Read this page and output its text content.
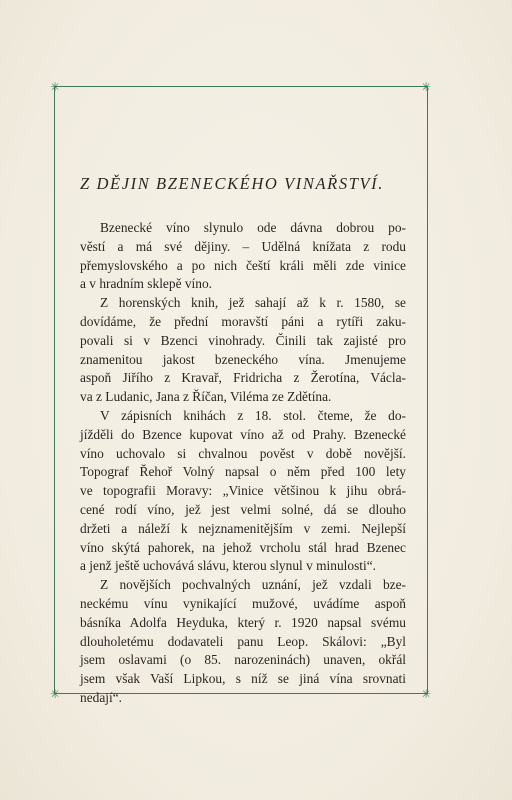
✳	✳
✳	✳
Z DĚJIN BZENECKÉHO VINAŘSTVÍ.
Bzenecké víno slynulo ode dávna dobrou po-
věstí a má své dějiny. – Udělná knížata z rodu
přemyslovského a po nich čeští králi měli zde vinice
a v hradním sklepě víno.
Z horenských knih, jež sahají až k r. 1580, se
dovídáme, že přední moravští páni a rytíři zaku-
povali si v Bzenci vinohrady. Činili tak zajisté pro
znamenitou jakost bzeneckého vína. Jmenujeme
aspoň Jiřího z Kravař, Fridricha z Žerotína, Václa-
va z Ludanic, Jana z Říčan, Viléma ze Zdětína.
V zápisních knihách z 18. stol. čteme, že do-
jížděli do Bzence kupovat víno až od Prahy. Bzenecké
víno uchovalo si chvalnou pověst v době novější.
Topograf Řehoř Volný napsal o něm před 100 lety
ve topografii Moravy: „Vinice většinou k jihu obrá-
cené rodí víno, jež jest velmi solné, dá se dlouho
držeti a náleží k nejznamenitějším v zemi. Nejlepší
víno skýtá pahorek, na jehož vrcholu stál hrad Bzenec
a jenž ještě uchovává slávu, kterou slynul v minulosti“.
Z novějších pochvalných uznání, jež vzdali bze-
neckému vínu vynikající mužové, uvádíme aspoň
básníka Adolfa Heyduka, který r. 1920 napsal svému
dlouholetému dodavateli panu Leop. Skálovi: „Byl
jsem oslavami (o 85. narozeninách) unaven, okřál
jsem však Vaší Lipkou, s níž se jiná vína srovnati
nedají“.
